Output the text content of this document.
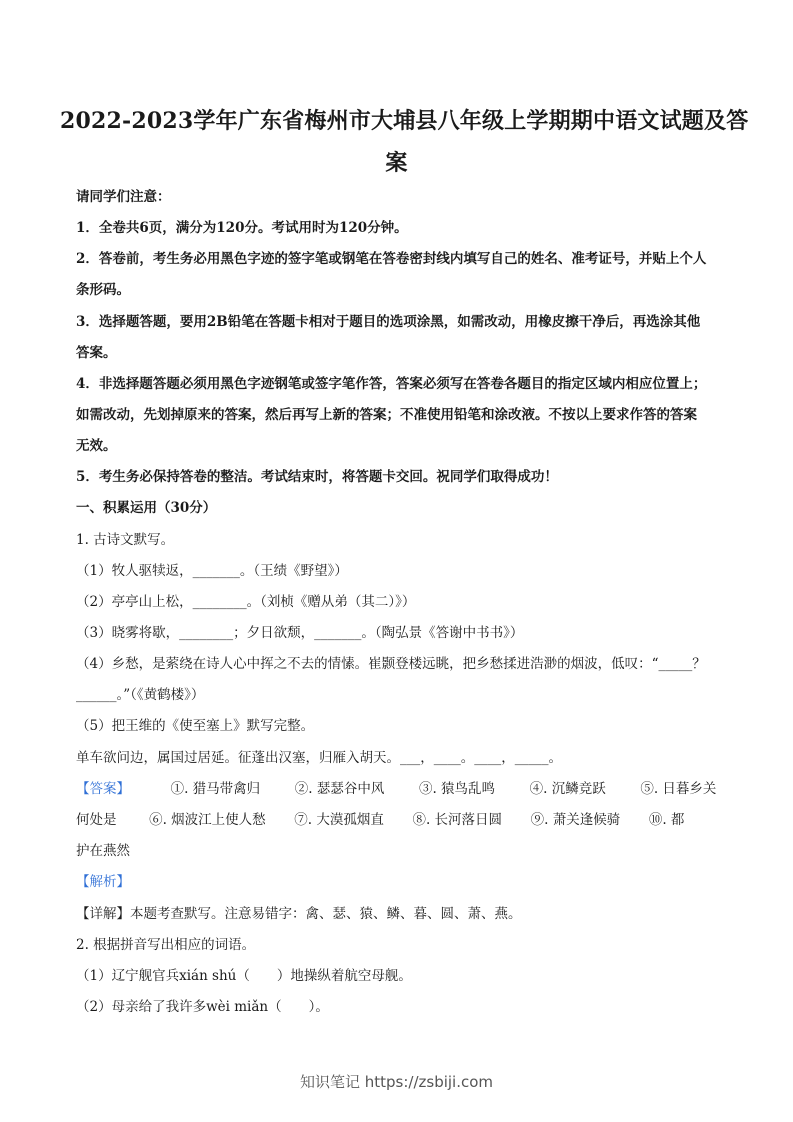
2022-2023学年广东省梅州市大埔县八年级上学期期中语文试题及答
案
请同学们注意：
1．全卷共6页，满分为120分。考试用时为120分钟。
2．答卷前，考生务必用黑色字迹的签字笔或钢笔在答卷密封线内填写自己的姓名、准考证号，并贴上个人
条形码。
3．选择题答题，要用2B铅笔在答题卡相对于题目的选项涂黑，如需改动，用橡皮擦干净后，再选涂其他
答案。
4．非选择题答题必须用黑色字迹钢笔或签字笔作答，答案必须写在答卷各题目的指定区域内相应位置上；
如需改动，先划掉原来的答案，然后再写上新的答案；不准使用铅笔和涂改液。不按以上要求作答的答案
无效。
5．考生务必保持答卷的整洁。考试结束时，将答题卡交回。祝同学们取得成功！
一、积累运用（30分）
1. 古诗文默写。
（1）牧人驱犊返，_______。（王绩《野望》）
（2）亭亭山上松，________。（刘桢《赠从弟（其二）》）
（3）晓雾将歇，________；夕日欲颓，_______。（陶弘景《答谢中书书》）
（4）乡愁，是萦绕在诗人心中挥之不去的情愫。崔颢登楼远眺，把乡愁揉进浩渺的烟波，低叹：“_____？
______。”（《黄鹤楼》）
（5）把王维的《使至塞上》默写完整。
单车欲问边，属国过居延。征蓬出汉塞，归雁入胡天。___，____。____，_____。
【答案】	①. 猎马带禽归	②. 瑟瑟谷中风	③. 猿鸟乱鸣	④. 沉鳞竞跃	⑤. 日暮乡关
何处是 ⑥. 烟波江上使人愁 ⑦. 大漠孤烟直 ⑧. 长河落日圆 ⑨. 萧关逢候骑 ⑩. 都
护在燕然
【解析】
【详解】本题考查默写。注意易错字：禽、瑟、猿、鳞、暮、圆、萧、燕。
2. 根据拼音写出相应的词语。
（1）辽宁舰官兵xián shú（　　）地操纵着航空母舰。
（2）母亲给了我许多wèi miǎn（　　）。
知识笔记 https://zsbiji.com
